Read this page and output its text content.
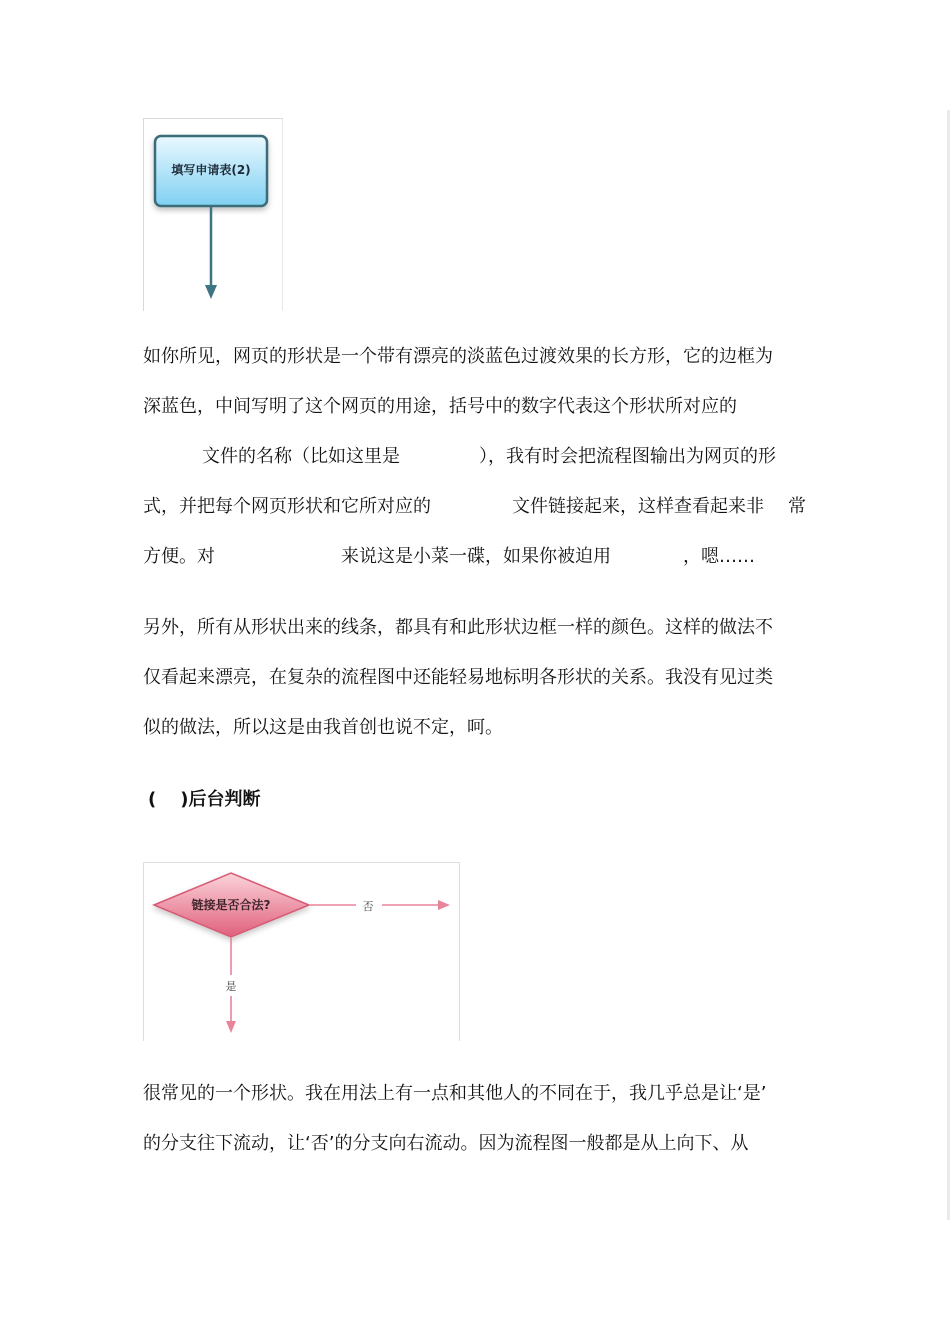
填写申请表(2)
如你所见，网页的形状是一个带有漂亮的淡蓝色过渡效果的长方形，它的边框为
深蓝色，中间写明了这个网页的用途，括号中的数字代表这个形状所对应的
文件的名称（比如这里是	），我有时会把流程图输出为网页的形
式，并把每个网页形状和它所对应的	文件链接起来，这样查看起来非 常
方便。对	来说这是小菜一碟，如果你被迫用	，嗯……
另外，所有从形状出来的线条，都具有和此形状边框一样的颜色。这样的做法不
仅看起来漂亮，在复杂的流程图中还能轻易地标明各形状的关系。我没有见过类
似的做法，所以这是由我首创也说不定，呵。
( )后台判断
链接是否合法?	否
是
很常见的一个形状。我在用法上有一点和其他人的不同在于，我几乎总是让‘是’
的分支往下流动，让‘否’的分支向右流动。因为流程图一般都是从上向下、从
